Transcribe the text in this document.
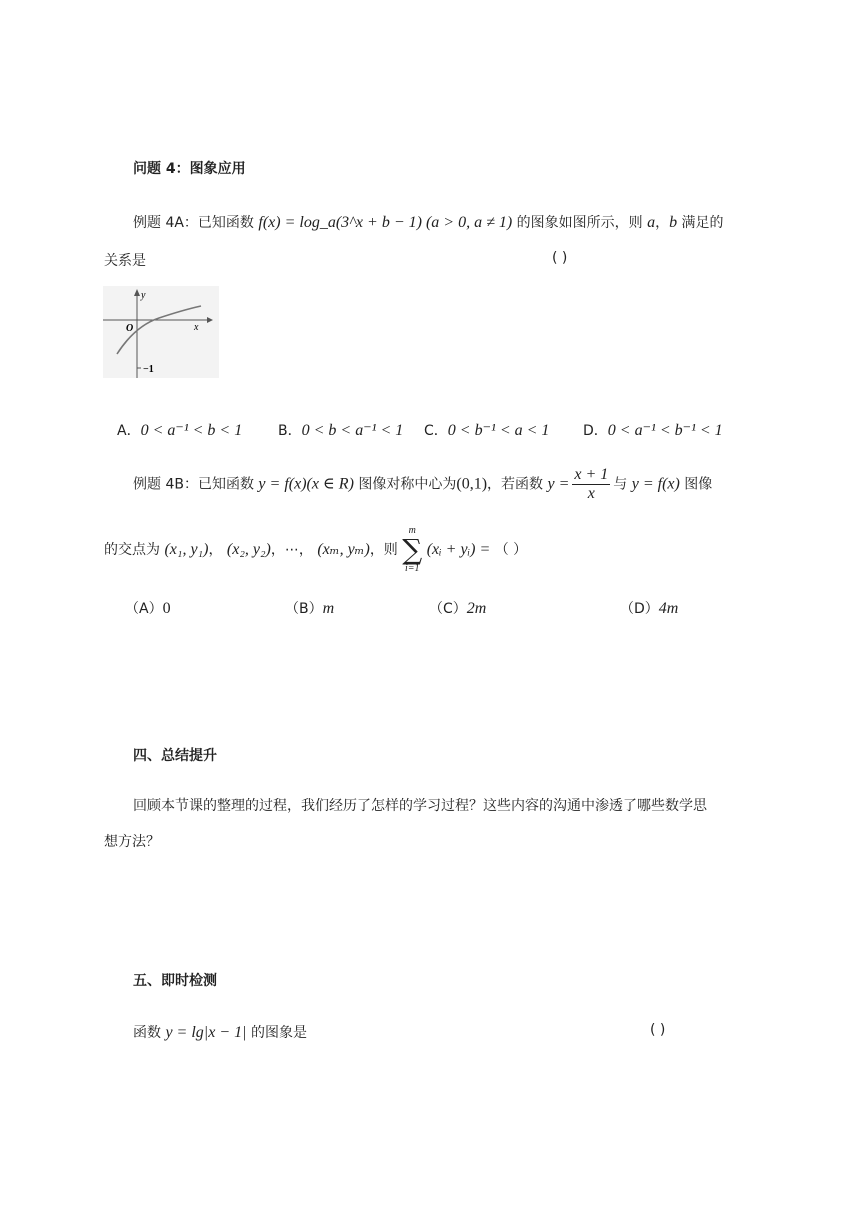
问题 4：图象应用
例题 4A：已知函数 f(x) = log_a(3^x + b − 1) (a > 0, a ≠ 1) 的图象如图所示，则 a，b 满足的
关系是	( )
x
y
O
−1
A．0 < a⁻¹ < b < 1	B．0 < b < a⁻¹ < 1 C．0 < b⁻¹ < a < 1 D．0 < a⁻¹ < b⁻¹ < 1
例题 4B：已知函数 y = f(x)(x ∈ R) 图像对称中心为(0,1)，若函数 $y = \frac{x + 1}{x}$ 与 y = f(x) 图像
的交点为 (x₁, y₁)， (x₂, y₂)，⋯， (xₘ, yₘ)，则
m
∑
i=1
(xᵢ + yᵢ) = （ ）
（A）0	（B）m	（C）2m	（D）4m
四、总结提升
回顾本节课的整理的过程，我们经历了怎样的学习过程？这些内容的沟通中渗透了哪些数学思
想方法？
五、即时检测
函数 y = lg|x − 1| 的图象是	( )
